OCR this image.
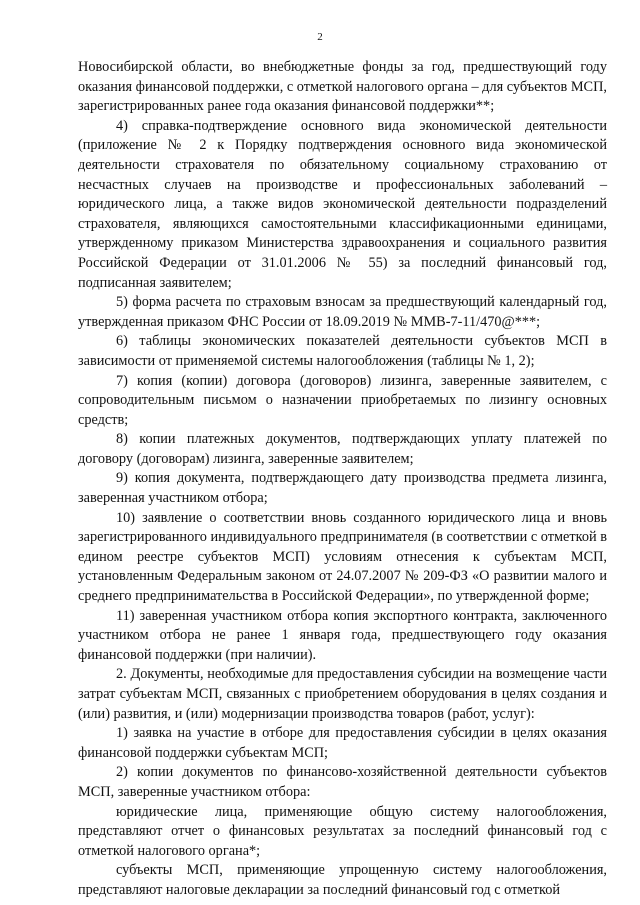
2

Новосибирской области, во внебюджетные фонды за год, предшествующий году оказания финансовой поддержки, с отметкой налогового органа – для субъектов МСП, зарегистрированных ранее года оказания финансовой поддержки**;

4) справка-подтверждение основного вида экономической деятельности (приложение № 2 к Порядку подтверждения основного вида экономической деятельности страхователя по обязательному социальному страхованию от несчастных случаев на производстве и профессиональных заболеваний – юридического лица, а также видов экономической деятельности подразделений страхователя, являющихся самостоятельными классификационными единицами, утвержденному приказом Министерства здравоохранения и социального развития Российской Федерации от 31.01.2006 № 55) за последний финансовый год, подписанная заявителем;

5) форма расчета по страховым взносам за предшествующий календарный год, утвержденная приказом ФНС России от 18.09.2019 № ММВ-7-11/470@***;

6) таблицы экономических показателей деятельности субъектов МСП в зависимости от применяемой системы налогообложения (таблицы № 1, 2);

7) копия (копии) договора (договоров) лизинга, заверенные заявителем, с сопроводительным письмом о назначении приобретаемых по лизингу основных средств;

8) копии платежных документов, подтверждающих уплату платежей по договору (договорам) лизинга, заверенные заявителем;

9) копия документа, подтверждающего дату производства предмета лизинга, заверенная участником отбора;

10) заявление о соответствии вновь созданного юридического лица и вновь зарегистрированного индивидуального предпринимателя (в соответствии с отметкой в едином реестре субъектов МСП) условиям отнесения к субъектам МСП, установленным Федеральным законом от 24.07.2007 № 209-ФЗ «О развитии малого и среднего предпринимательства в Российской Федерации», по утвержденной форме;

11) заверенная участником отбора копия экспортного контракта, заключенного участником отбора не ранее 1 января года, предшествующего году оказания финансовой поддержки (при наличии).

2. Документы, необходимые для предоставления субсидии на возмещение части затрат субъектам МСП, связанных с приобретением оборудования в целях создания и (или) развития, и (или) модернизации производства товаров (работ, услуг):

1) заявка на участие в отборе для предоставления субсидии в целях оказания финансовой поддержки субъектам МСП;

2) копии документов по финансово-хозяйственной деятельности субъектов МСП, заверенные участником отбора:

юридические лица, применяющие общую систему налогообложения, представляют отчет о финансовых результатах за последний финансовый год с отметкой налогового органа*;

субъекты МСП, применяющие упрощенную систему налогообложения, представляют налоговые декларации за последний финансовый год с отметкой
